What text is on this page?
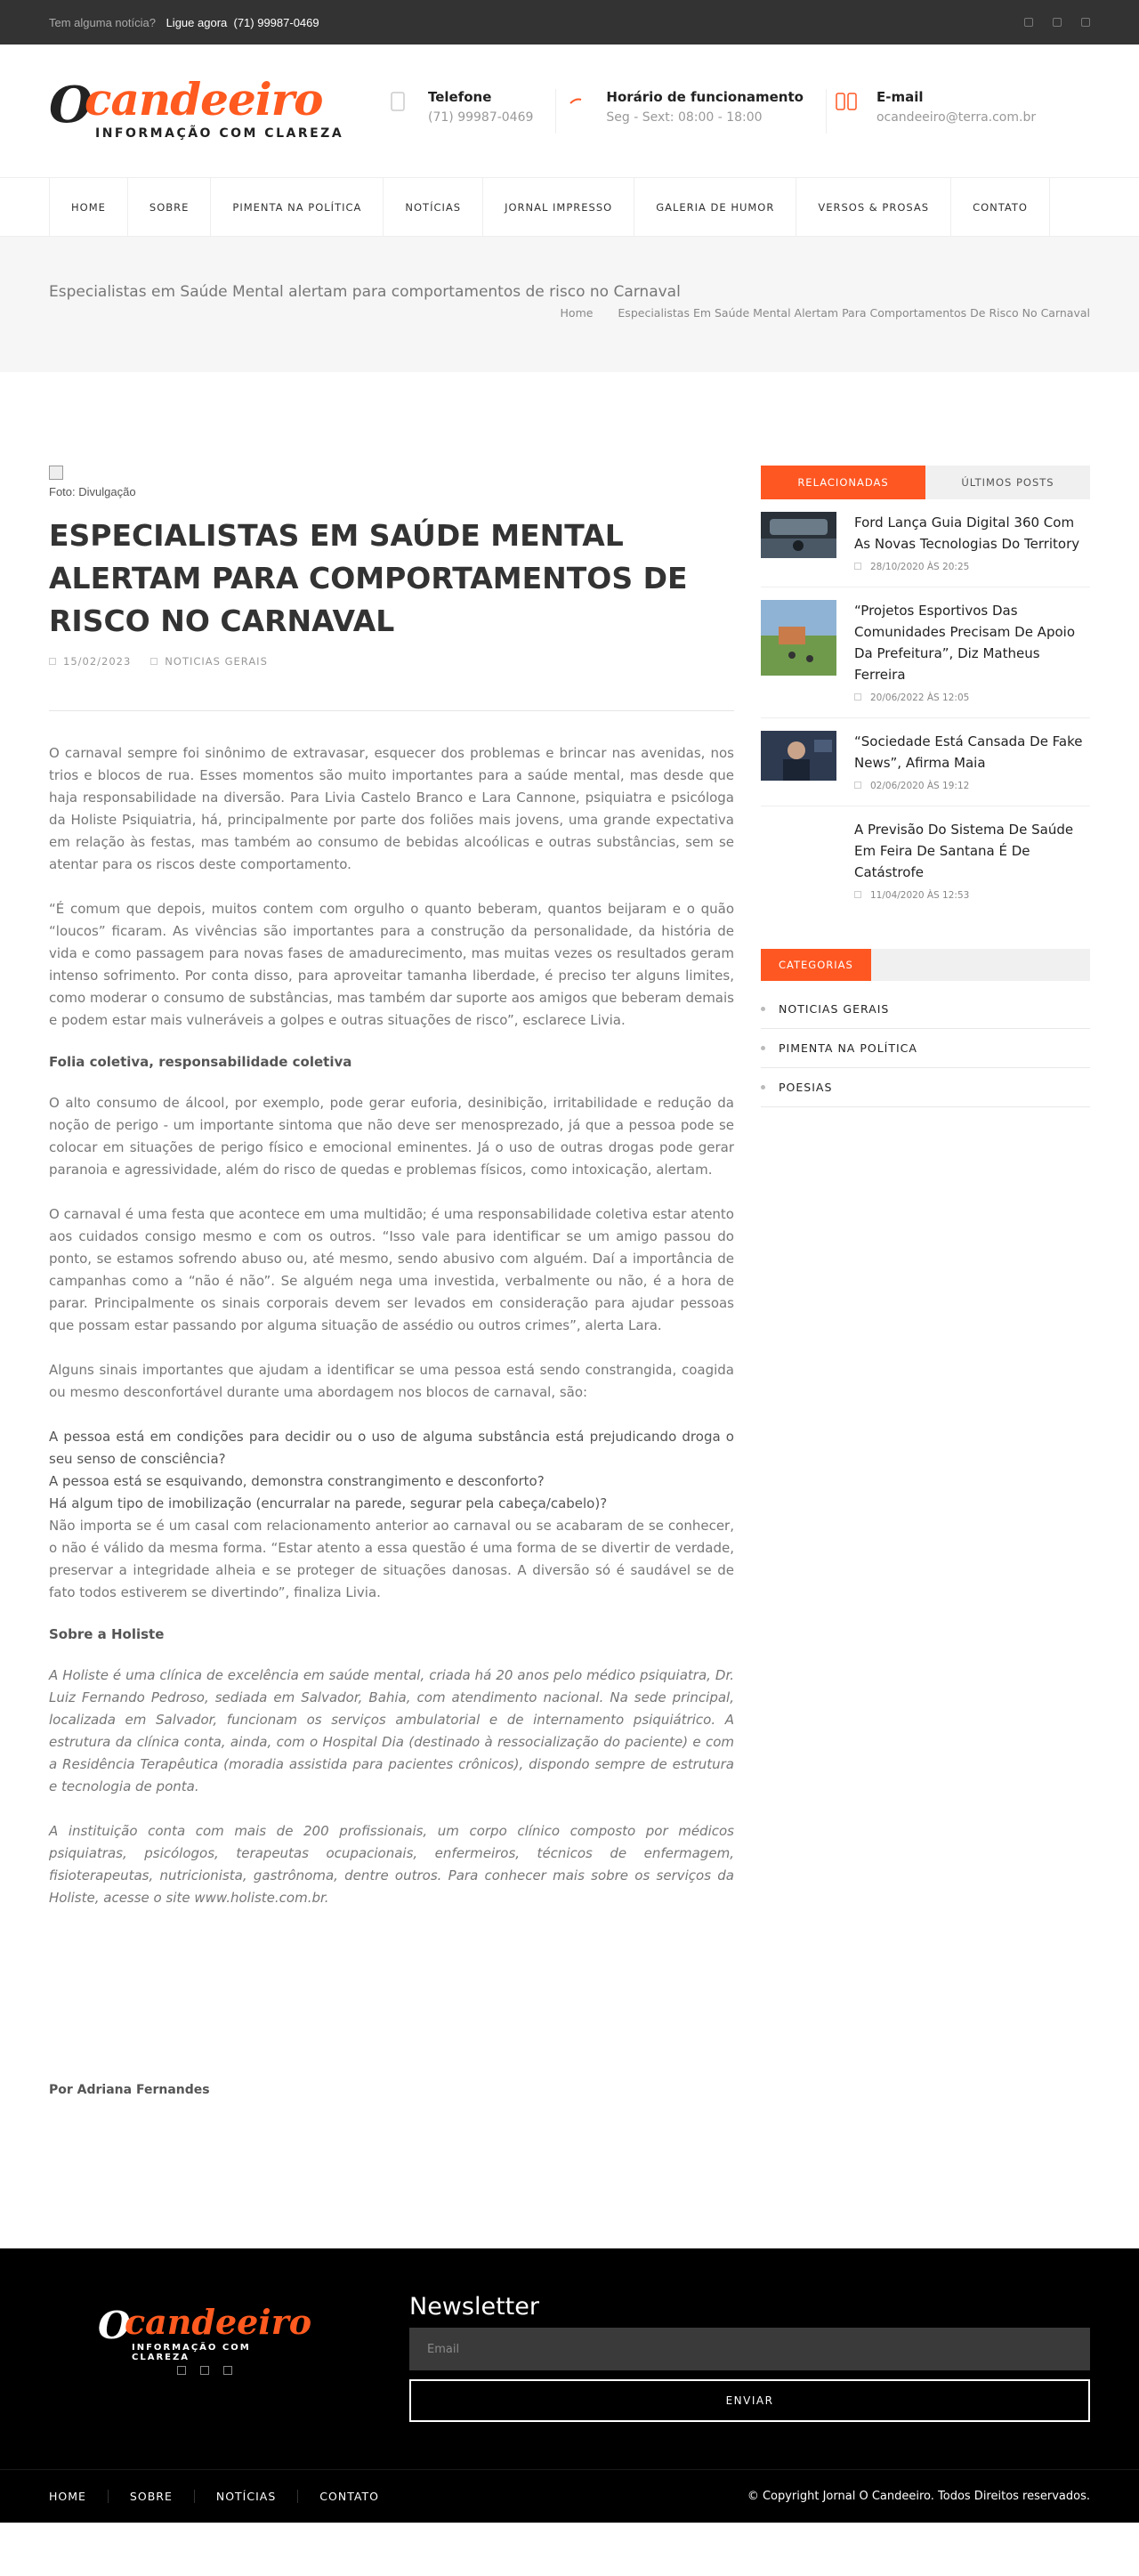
Tem alguma notícia? Ligue agora (71) 99987-0469
O
candeeiro
INFORMAÇÃO COM CLAREZA
Telefone
(71) 99987-0469
Horário de funcionamento
Seg - Sext: 08:00 - 18:00
E-mail
ocandeeiro@terra.com.br
HOME	SOBRE	PIMENTA NA POLÍTICA	NOTÍCIAS	JORNAL IMPRESSO	GALERIA DE HUMOR	VERSOS & PROSAS	CONTATO
Especialistas em Saúde Mental alertam para comportamentos de risco no Carnaval
Home Especialistas Em Saúde Mental Alertam Para Comportamentos De Risco No Carnaval
Foto: Divulgação
ESPECIALISTAS EM SAÚDE MENTAL ALERTAM PARA COMPORTAMENTOS DE RISCO NO CARNAVAL
15/02/2023	NOTICIAS GERAIS

O carnaval sempre foi sinônimo de extravasar, esquecer dos problemas e brincar nas avenidas, nos trios e blocos de rua. Esses momentos são muito importantes para a saúde mental, mas desde que haja responsabilidade na diversão. Para Livia Castelo Branco e Lara Cannone, psiquiatra e psicóloga da Holiste Psiquiatria, há, principalmente por parte dos foliões mais jovens, uma grande expectativa em relação às festas, mas também ao consumo de bebidas alcoólicas e outras substâncias, sem se atentar para os riscos deste comportamento.

“É comum que depois, muitos contem com orgulho o quanto beberam, quantos beijaram e o quão “loucos” ficaram. As vivências são importantes para a construção da personalidade, da história de vida e como passagem para novas fases de amadurecimento, mas muitas vezes os resultados geram intenso sofrimento. Por conta disso, para aproveitar tamanha liberdade, é preciso ter alguns limites, como moderar o consumo de substâncias, mas também dar suporte aos amigos que beberam demais e podem estar mais vulneráveis a golpes e outras situações de risco”, esclarece Livia.

Folia coletiva, responsabilidade coletiva

O alto consumo de álcool, por exemplo, pode gerar euforia, desinibição, irritabilidade e redução da noção de perigo - um importante sintoma que não deve ser menosprezado, já que a pessoa pode se colocar em situações de perigo físico e emocional eminentes. Já o uso de outras drogas pode gerar paranoia e agressividade, além do risco de quedas e problemas físicos, como intoxicação, alertam.

O carnaval é uma festa que acontece em uma multidão; é uma responsabilidade coletiva estar atento aos cuidados consigo mesmo e com os outros. “Isso vale para identificar se um amigo passou do ponto, se estamos sofrendo abuso ou, até mesmo, sendo abusivo com alguém. Daí a importância de campanhas como a “não é não”. Se alguém nega uma investida, verbalmente ou não, é a hora de parar. Principalmente os sinais corporais devem ser levados em consideração para ajudar pessoas que possam estar passando por alguma situação de assédio ou outros crimes”, alerta Lara.

Alguns sinais importantes que ajudam a identificar se uma pessoa está sendo constrangida, coagida ou mesmo desconfortável durante uma abordagem nos blocos de carnaval, são:

A pessoa está em condições para decidir ou o uso de alguma substância está prejudicando droga o seu senso de consciência?

A pessoa está se esquivando, demonstra constrangimento e desconforto?

Há algum tipo de imobilização (encurralar na parede, segurar pela cabeça/cabelo)?

Não importa se é um casal com relacionamento anterior ao carnaval ou se acabaram de se conhecer, o não é válido da mesma forma. “Estar atento a essa questão é uma forma de se divertir de verdade, preservar a integridade alheia e se proteger de situações danosas. A diversão só é saudável se de fato todos estiverem se divertindo”, finaliza Livia.

Sobre a Holiste

A Holiste é uma clínica de excelência em saúde mental, criada há 20 anos pelo médico psiquiatra, Dr. Luiz Fernando Pedroso, sediada em Salvador, Bahia, com atendimento nacional. Na sede principal, localizada em Salvador, funcionam os serviços ambulatorial e de internamento psiquiátrico. A estrutura da clínica conta, ainda, com o Hospital Dia (destinado à ressocialização do paciente) e com a Residência Terapêutica (moradia assistida para pacientes crônicos), dispondo sempre de estrutura e tecnologia de ponta.

A instituição conta com mais de 200 profissionais, um corpo clínico composto por médicos psiquiatras, psicólogos, terapeutas ocupacionais, enfermeiros, técnicos de enfermagem, fisioterapeutas, nutricionista, gastrônoma, dentre outros. Para conhecer mais sobre os serviços da Holiste, acesse o site www.holiste.com.br.

Por Adriana Fernandes
RELACIONADAS	ÚLTIMOS POSTS
Ford Lança Guia Digital 360 Com As Novas Tecnologias Do Territory
28/10/2020 ÀS 20:25
“Projetos Esportivos Das Comunidades Precisam De Apoio Da Prefeitura”, Diz Matheus Ferreira
20/06/2022 ÀS 12:05
“Sociedade Está Cansada De Fake News”, Afirma Maia
02/06/2020 ÀS 19:12
A Previsão Do Sistema De Saúde Em Feira De Santana É De Catástrofe
11/04/2020 ÀS 12:53
CATEGORIAS
NOTICIAS GERAIS
PIMENTA NA POLÍTICA
POESIAS
O
candeeiro
INFORMAÇÃO COM CLAREZA
Newsletter
Email ENVIAR
HOME	SOBRE	NOTÍCIAS	CONTATO	© Copyright Jornal O Candeeiro. Todos Direitos reservados.
